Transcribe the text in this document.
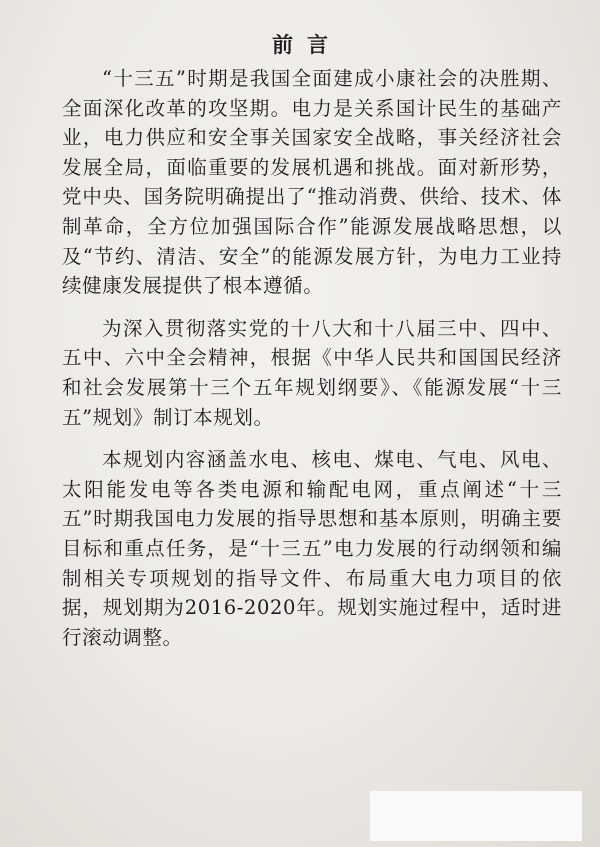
前言

“十三五”时期是我国全面建成小康社会的决胜期、全面深化改革的攻坚期。电力是关系国计民生的基础产业，电力供应和安全事关国家安全战略，事关经济社会发展全局，面临重要的发展机遇和挑战。面对新形势，党中央、国务院明确提出了“推动消费、供给、技术、体制革命，全方位加强国际合作”能源发展战略思想，以及“节约、清洁、安全”的能源发展方针，为电力工业持续健康发展提供了根本遵循。

为深入贯彻落实党的十八大和十八届三中、四中、五中、六中全会精神，根据《中华人民共和国国民经济和社会发展第十三个五年规划纲要》、《能源发展“十三五”规划》制订本规划。

本规划内容涵盖水电、核电、煤电、气电、风电、太阳能发电等各类电源和输配电网，重点阐述“十三五”时期我国电力发展的指导思想和基本原则，明确主要目标和重点任务，是“十三五”电力发展的行动纲领和编制相关专项规划的指导文件、布局重大电力项目的依据，规划期为2016-2020年。规划实施过程中，适时进行滚动调整。
